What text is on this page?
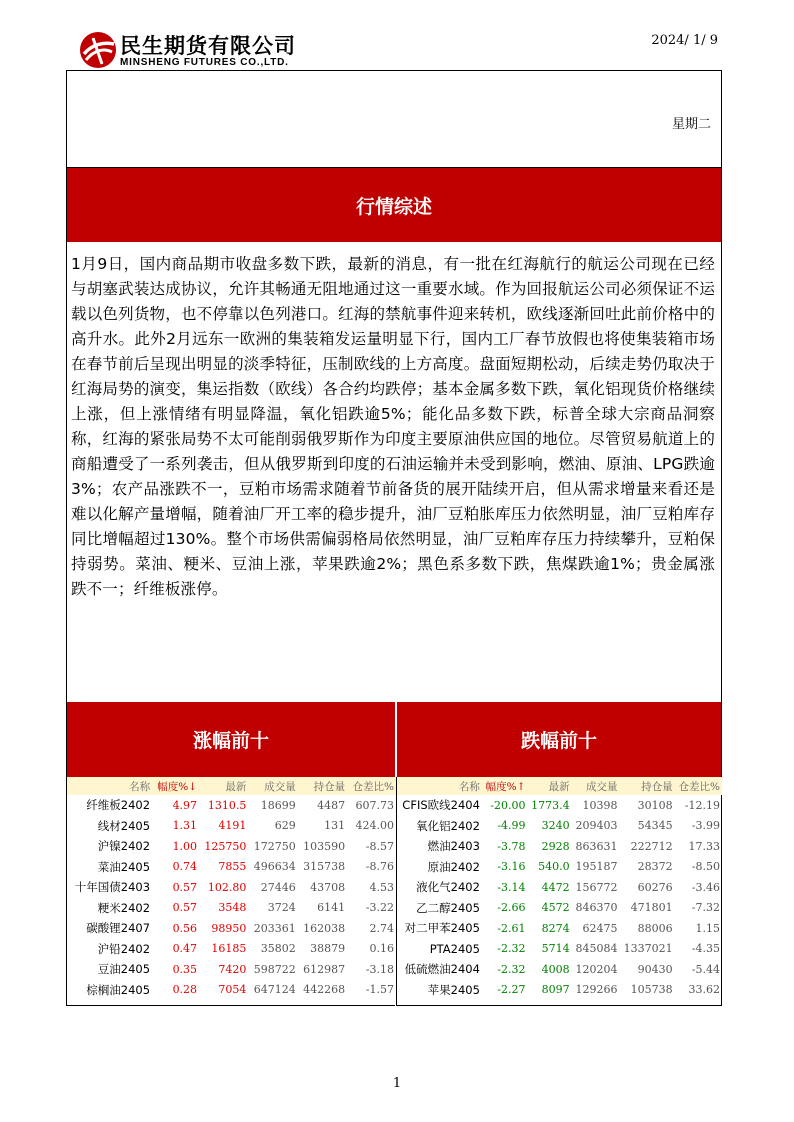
民生期货有限公司
MINSHENG FUTURES CO.,LTD.
2024/ 1/ 9
星期二
行情综述
1月9日，国内商品期市收盘多数下跌，最新的消息，有一批在红海航行的航运公司现在已经与胡塞武装达成协议，允许其畅通无阻地通过这一重要水域。作为回报航运公司必须保证不运载以色列货物，也不停靠以色列港口。红海的禁航事件迎来转机，欧线逐渐回吐此前价格中的高升水。此外2月远东一欧洲的集装箱发运量明显下行，国内工厂春节放假也将使集装箱市场在春节前后呈现出明显的淡季特征，压制欧线的上方高度。盘面短期松动，后续走势仍取决于红海局势的演变，集运指数（欧线）各合约均跌停；基本金属多数下跌，氧化铝现货价格继续上涨，但上涨情绪有明显降温，氧化铝跌逾5%；能化品多数下跌，标普全球大宗商品洞察称，红海的紧张局势不太可能削弱俄罗斯作为印度主要原油供应国的地位。尽管贸易航道上的商船遭受了一系列袭击，但从俄罗斯到印度的石油运输并未受到影响，燃油、原油、LPG跌逾3%；农产品涨跌不一，豆粕市场需求随着节前备货的展开陆续开启，但从需求增量来看还是难以化解产量增幅，随着油厂开工率的稳步提升，油厂豆粕胀库压力依然明显，油厂豆粕库存同比增幅超过130%。整个市场供需偏弱格局依然明显，油厂豆粕库存压力持续攀升，豆粕保持弱势。菜油、粳米、豆油上涨，苹果跌逾2%；黑色系多数下跌，焦煤跌逾1%；贵金属涨跌不一；纤维板涨停。
涨幅前十	跌幅前十
名称	幅度%↓	最新	成交量	持仓量	仓差比%
纤维板2402	4.97	1310.5	18699	4487	607.73
线材2405	1.31	4191	629	131	424.00
沪镍2402	1.00	125750	172750	103590	-8.57
菜油2405	0.74	7855	496634	315738	-8.76
十年国债2403	0.57	102.80	27446	43708	4.53
粳米2402	0.57	3548	3724	6141	-3.22
碳酸锂2407	0.56	98950	203361	162038	2.74
沪铅2402	0.47	16185	35802	38879	0.16
豆油2405	0.35	7420	598722	612987	-3.18
棕榈油2405	0.28	7054	647124	442268	-1.57
名称	幅度%↑	最新	成交量	持仓量	仓差比%
CFIS欧线2404	-20.00	1773.4	10398	30108	-12.19
氧化铝2402	-4.99	3240	209403	54345	-3.99
燃油2403	-3.78	2928	863631	222712	17.33
原油2402	-3.16	540.0	195187	28372	-8.50
液化气2402	-3.14	4472	156772	60276	-3.46
乙二醇2405	-2.66	4572	846370	471801	-7.32
对二甲苯2405	-2.61	8274	62475	88006	1.15
PTA2405	-2.32	5714	845084	1337021	-4.35
低硫燃油2404	-2.32	4008	120204	90430	-5.44
苹果2405	-2.27	8097	129266	105738	33.62
1
